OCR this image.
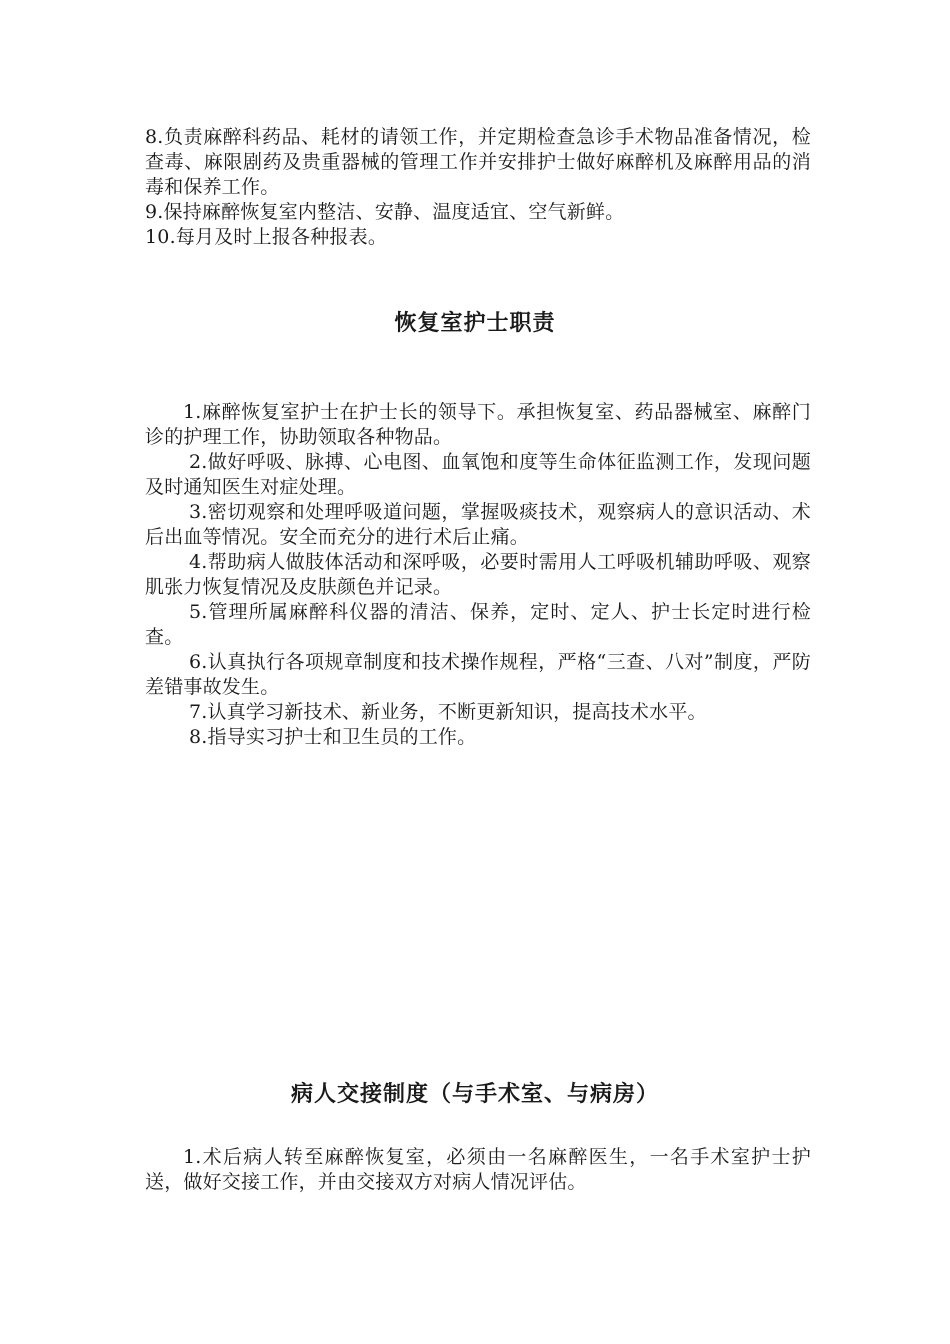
8.负责麻醉科药品、耗材的请领工作，并定期检查急诊手术物品准备情况，检查毒、麻限剧药及贵重器械的管理工作并安排护士做好麻醉机及麻醉用品的消毒和保养工作。

9.保持麻醉恢复室内整洁、安静、温度适宜、空气新鲜。

10.每月及时上报各种报表。

恢复室护士职责

1.麻醉恢复室护士在护士长的领导下。承担恢复室、药品器械室、麻醉门诊的护理工作，协助领取各种物品。

2.做好呼吸、脉搏、心电图、血氧饱和度等生命体征监测工作，发现问题及时通知医生对症处理。

3.密切观察和处理呼吸道问题，掌握吸痰技术，观察病人的意识活动、术后出血等情况。安全而充分的进行术后止痛。

4.帮助病人做肢体活动和深呼吸，必要时需用人工呼吸机辅助呼吸、观察肌张力恢复情况及皮肤颜色并记录。

5.管理所属麻醉科仪器的清洁、保养，定时、定人、护士长定时进行检查。

6.认真执行各项规章制度和技术操作规程，严格“三查、八对”制度，严防差错事故发生。

7.认真学习新技术、新业务，不断更新知识，提高技术水平。

8.指导实习护士和卫生员的工作。

病人交接制度（与手术室、与病房）

1.术后病人转至麻醉恢复室，必须由一名麻醉医生，一名手术室护士护送，做好交接工作，并由交接双方对病人情况评估。
